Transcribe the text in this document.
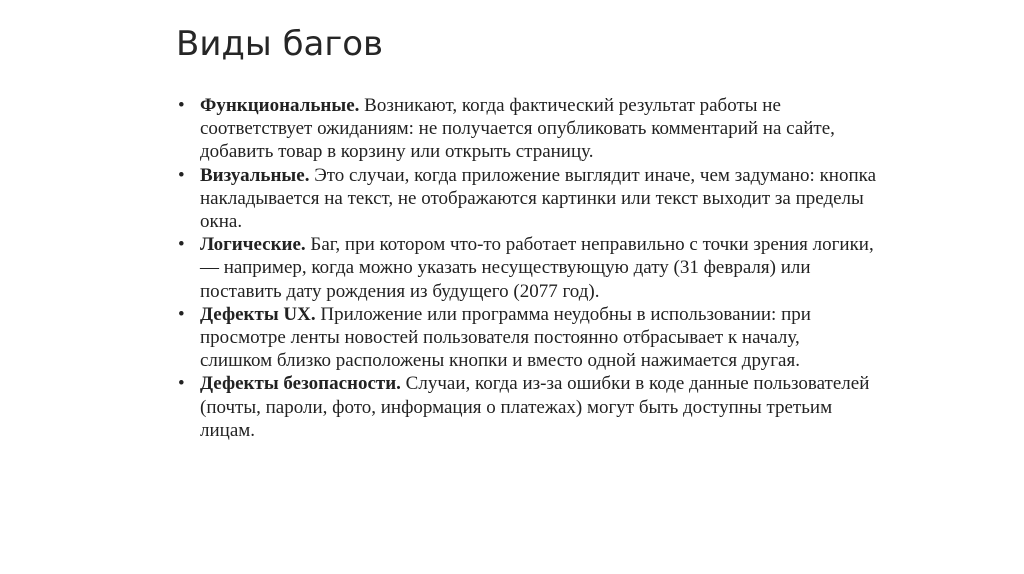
Виды багов
• Функциональные. Возникают, когда фактический результат работы не соответствует ожиданиям: не получается опубликовать комментарий на сайте, добавить товар в корзину или открыть страницу.
• Визуальные. Это случаи, когда приложение выглядит иначе, чем задумано: кнопка накладывается на текст, не отображаются картинки или текст выходит за пределы окна.
• Логические. Баг, при котором что-то работает неправильно с точки зрения логики, — например, когда можно указать несуществующую дату (31 февраля) или поставить дату рождения из будущего (2077 год).
• Дефекты UX. Приложение или программа неудобны в использовании: при просмотре ленты новостей пользователя постоянно отбрасывает к началу, слишком близко расположены кнопки и вместо одной нажимается другая.
• Дефекты безопасности. Случаи, когда из-за ошибки в коде данные пользователей (почты, пароли, фото, информация о платежах) могут быть доступны третьим лицам.
